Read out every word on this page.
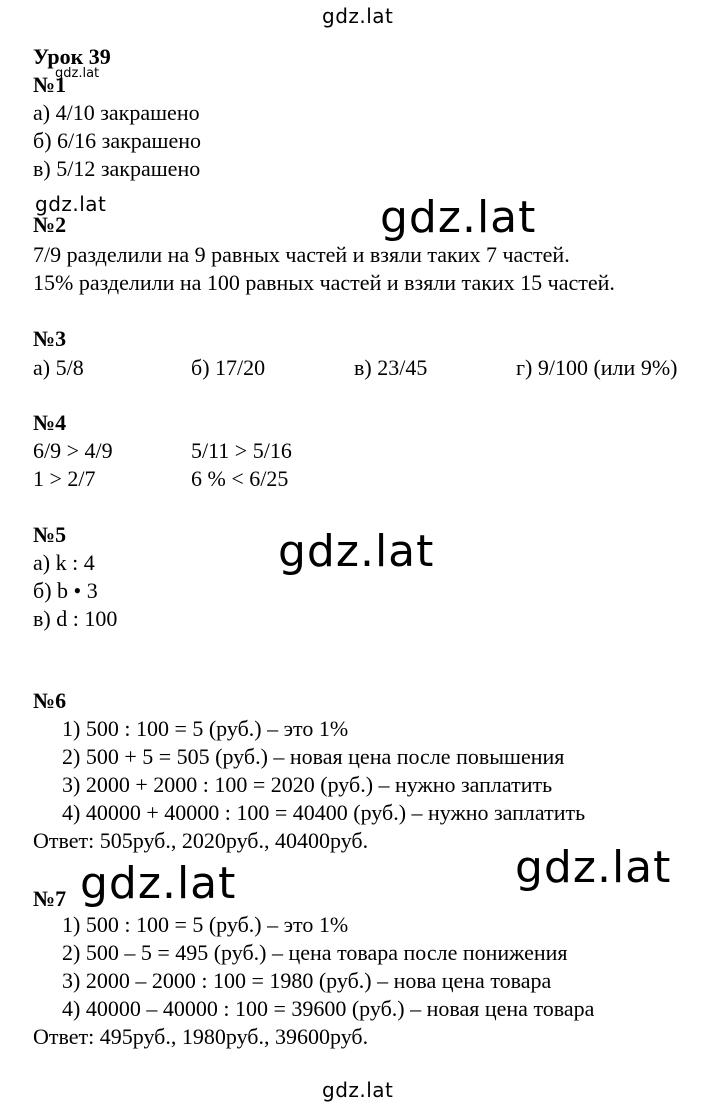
gdz.lat
gdz.lat
gdz.lat	gdz.lat
gdz.lat
gdz.lat
gdz.lat
gdz.lat
Урок 39
№1
а) 4/10 закрашено
б) 6/16 закрашено
в) 5/12 закрашено
№2
7/9 разделили на 9 равных частей и взяли таких 7 частей.
15% разделили на 100 равных частей и взяли таких 15 частей.
№3
а) 5/8	б) 17/20	в) 23/45	г) 9/100 (или 9%)
№4
6/9 > 4/9	5/11 > 5/16
1 > 2/7	6 % < 6/25
№5
а) k : 4
б) b • 3
в) d : 100
№6
1) 500 : 100 = 5 (руб.) – это 1%
2) 500 + 5 = 505 (руб.) – новая цена после повышения
3) 2000 + 2000 : 100 = 2020 (руб.) – нужно заплатить
4) 40000 + 40000 : 100 = 40400 (руб.) – нужно заплатить
Ответ: 505руб., 2020руб., 40400руб.
№7
1) 500 : 100 = 5 (руб.) – это 1%
2) 500 – 5 = 495 (руб.) – цена товара после понижения
3) 2000 – 2000 : 100 = 1980 (руб.) – нова цена товара
4) 40000 – 40000 : 100 = 39600 (руб.) – новая цена товара
Ответ: 495руб., 1980руб., 39600руб.
